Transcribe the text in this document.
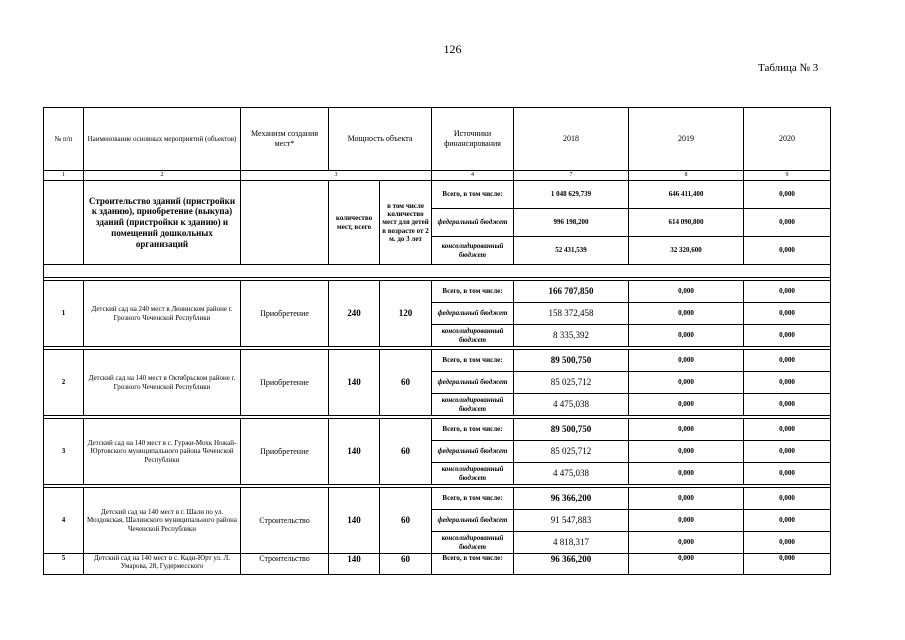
126
Таблица № 3
№ п/п	Наименование основных мероприятий (объектов)	Механизм создания мест*	Мощность объекта		Источники финансирования	2018	2019	2020
1	2	3			4	7	8	9
	Строительство зданий (пристройки к зданию), приобретение (выкупа) зданий (пристройки к зданию) и помещений дошкольных организаций		количество мест, всего	в том числе количество мест для детей в возрасте от 2 м. до 3 лет	Всего, в том числе:	1 048 629,739	646 411,400	0,000
					федеральный бюджет	996 198,200	614 090,800	0,000
					консолидированный бюджет	52 431,539	32 320,600	0,000

1	Детский сад на 240 мест в Ленинском районе г. Грозного Чеченской Республики	Приобретение	240	120	Всего, в том числе:	166 707,850	0,000	0,000
					федеральный бюджет	158 372,458	0,000	0,000
					консолидированный бюджет	8 335,392	0,000	0,000

2	Детский сад на 140 мест в Октябрьском районе г. Грозного Чеченской Республики	Приобретение	140	60	Всего, в том числе:	89 500,750	0,000	0,000
					федеральный бюджет	85 025,712	0,000	0,000
					консолидированный бюджет	4 475,038	0,000	0,000

3	Детский сад на 140 мест в с. Гуржи-Мохк Ножай-Юртовского муниципального района Чеченской Республики	Приобретение	140	60	Всего, в том числе:	89 500,750	0,000	0,000
					федеральный бюджет	85 025,712	0,000	0,000
					консолидированный бюджет	4 475,038	0,000	0,000

4	Детский сад на 140 мест в г. Шали по ул. Моздокская, Шалинского муниципального района Чеченской Республики	Строительство	140	60	Всего, в том числе:	96 366,200	0,000	0,000
					федеральный бюджет	91 547,883	0,000	0,000
					консолидированный бюджет	4 818,317	0,000	0,000
5	Детский сад на 140 мест в с. Кади-Юрт ул. Л. Умарова, 28, Гудермесского	Строительство	140	60	Всего, в том числе:	96 366,200	0,000	0,000
